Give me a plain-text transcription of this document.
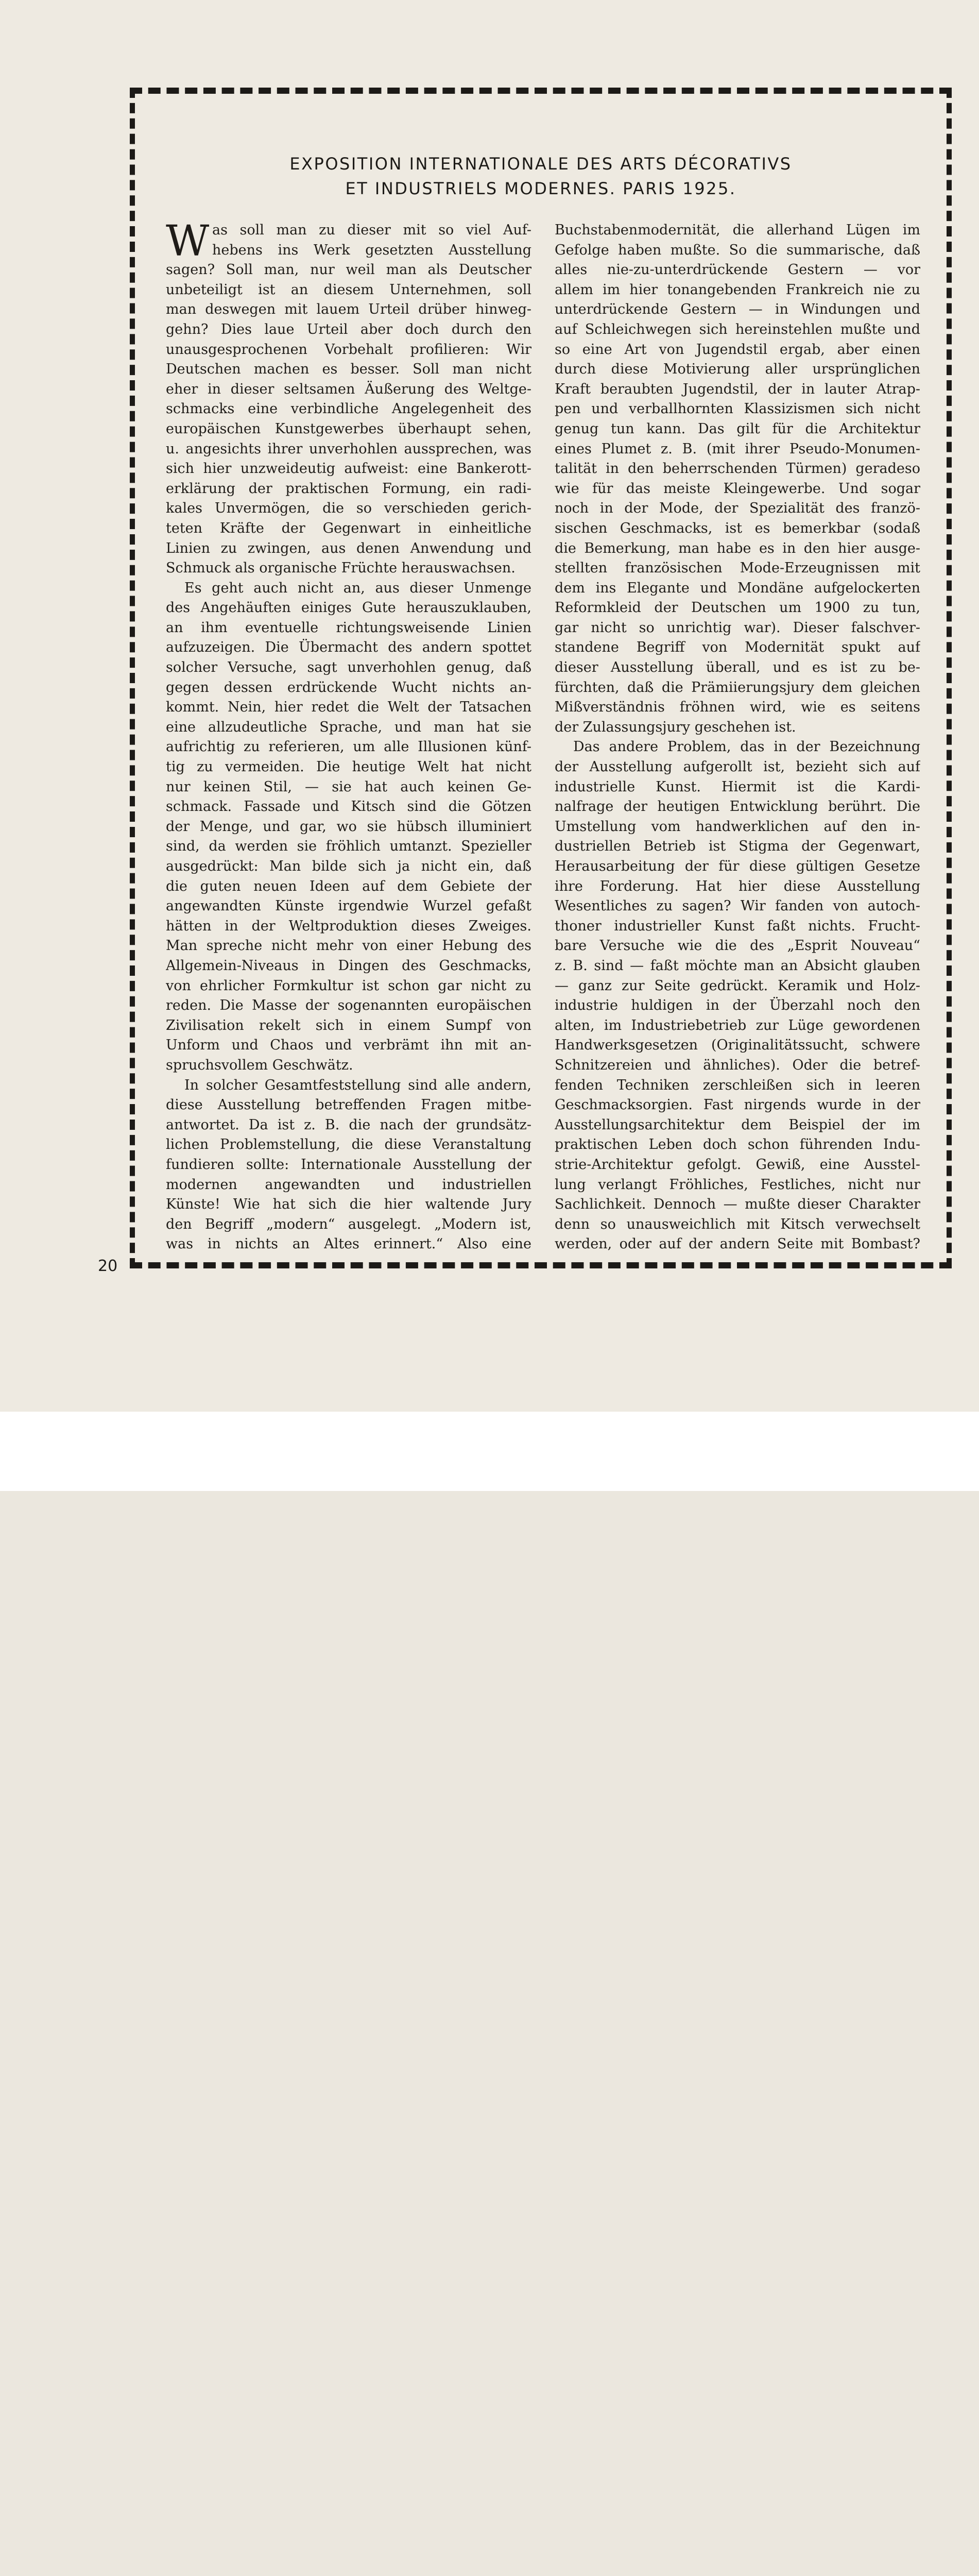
EXPOSITION INTERNATIONALE DES ARTS DÉCORATIVS
ET INDUSTRIELS MODERNES. PARIS 1925.
as soll man zu dieser mit so viel Auf-
hebens ins Werk gesetzten Ausstellung
sagen? Soll man, nur weil man als Deutscher
unbeteiligt ist an diesem Unternehmen, soll
man deswegen mit lauem Urteil drüber hinweg-
gehn? Dies laue Urteil aber doch durch den
unausgesprochenen Vorbehalt profilieren: Wir
Deutschen machen es besser. Soll man nicht
eher in dieser seltsamen Äußerung des Weltge-
schmacks eine verbindliche Angelegenheit des
europäischen Kunstgewerbes überhaupt sehen,
u. angesichts ihrer unverhohlen aussprechen, was
sich hier unzweideutig aufweist: eine Bankerott-
erklärung der praktischen Formung, ein radi-
kales Unvermögen, die so verschieden gerich-
teten Kräfte der Gegenwart in einheitliche
Linien zu zwingen, aus denen Anwendung und
Schmuck als organische Früchte herauswachsen.
Es geht auch nicht an, aus dieser Unmenge
des Angehäuften einiges Gute herauszuklauben,
an ihm eventuelle richtungsweisende Linien
aufzuzeigen. Die Übermacht des andern spottet
solcher Versuche, sagt unverhohlen genug, daß
gegen dessen erdrückende Wucht nichts an-
kommt. Nein, hier redet die Welt der Tatsachen
eine allzudeutliche Sprache, und man hat sie
aufrichtig zu referieren, um alle Illusionen künf-
tig zu vermeiden. Die heutige Welt hat nicht
nur keinen Stil, — sie hat auch keinen Ge-
schmack. Fassade und Kitsch sind die Götzen
der Menge, und gar, wo sie hübsch illuminiert
sind, da werden sie fröhlich umtanzt. Spezieller
ausgedrückt: Man bilde sich ja nicht ein, daß
die guten neuen Ideen auf dem Gebiete der
angewandten Künste irgendwie Wurzel gefaßt
hätten in der Weltproduktion dieses Zweiges.
Man spreche nicht mehr von einer Hebung des
Allgemein-Niveaus in Dingen des Geschmacks,
von ehrlicher Formkultur ist schon gar nicht zu
reden. Die Masse der sogenannten europäischen
Zivilisation rekelt sich in einem Sumpf von
Unform und Chaos und verbrämt ihn mit an-
spruchsvollem Geschwätz.
In solcher Gesamtfeststellung sind alle andern,
diese Ausstellung betreffenden Fragen mitbe-
antwortet. Da ist z. B. die nach der grundsätz-
lichen Problemstellung, die diese Veranstaltung
fundieren sollte: Internationale Ausstellung der
modernen angewandten und industriellen
Künste! Wie hat sich die hier waltende Jury
den Begriff „modern“ ausgelegt. „Modern ist,
was in nichts an Altes erinnert.“ Also eine
W	Buchstabenmodernität, die allerhand Lügen im
Gefolge haben mußte. So die summarische, daß
alles nie-zu-unterdrückende Gestern — vor
allem im hier tonangebenden Frankreich nie zu
unterdrückende Gestern — in Windungen und
auf Schleichwegen sich hereinstehlen mußte und
so eine Art von Jugendstil ergab, aber einen
durch diese Motivierung aller ursprünglichen
Kraft beraubten Jugendstil, der in lauter Atrap-
pen und verballhornten Klassizismen sich nicht
genug tun kann. Das gilt für die Architektur
eines Plumet z. B. (mit ihrer Pseudo-Monumen-
talität in den beherrschenden Türmen) geradeso
wie für das meiste Kleingewerbe. Und sogar
noch in der Mode, der Spezialität des franzö-
sischen Geschmacks, ist es bemerkbar (sodaß
die Bemerkung, man habe es in den hier ausge-
stellten französischen Mode-Erzeugnissen mit
dem ins Elegante und Mondäne aufgelockerten
Reformkleid der Deutschen um 1900 zu tun,
gar nicht so unrichtig war). Dieser falschver-
standene Begriff von Modernität spukt auf
dieser Ausstellung überall, und es ist zu be-
fürchten, daß die Prämiierungsjury dem gleichen
Mißverständnis fröhnen wird, wie es seitens
der Zulassungsjury geschehen ist.
Das andere Problem, das in der Bezeichnung
der Ausstellung aufgerollt ist, bezieht sich auf
industrielle Kunst. Hiermit ist die Kardi-
nalfrage der heutigen Entwicklung berührt. Die
Umstellung vom handwerklichen auf den in-
dustriellen Betrieb ist Stigma der Gegenwart,
Herausarbeitung der für diese gültigen Gesetze
ihre Forderung. Hat hier diese Ausstellung
Wesentliches zu sagen? Wir fanden von autoch-
thoner industrieller Kunst faßt nichts. Frucht-
bare Versuche wie die des „Esprit Nouveau“
z. B. sind — faßt möchte man an Absicht glauben
— ganz zur Seite gedrückt. Keramik und Holz-
industrie huldigen in der Überzahl noch den
alten, im Industriebetrieb zur Lüge gewordenen
Handwerksgesetzen (Originalitätssucht, schwere
Schnitzereien und ähnliches). Oder die betref-
fenden Techniken zerschleißen sich in leeren
Geschmacksorgien. Fast nirgends wurde in der
Ausstellungsarchitektur dem Beispiel der im
praktischen Leben doch schon führenden Indu-
strie-Architektur gefolgt. Gewiß, eine Ausstel-
lung verlangt Fröhliches, Festliches, nicht nur
Sachlichkeit. Dennoch — mußte dieser Charakter
denn so unausweichlich mit Kitsch verwechselt
werden, oder auf der andern Seite mit Bombast?
20
